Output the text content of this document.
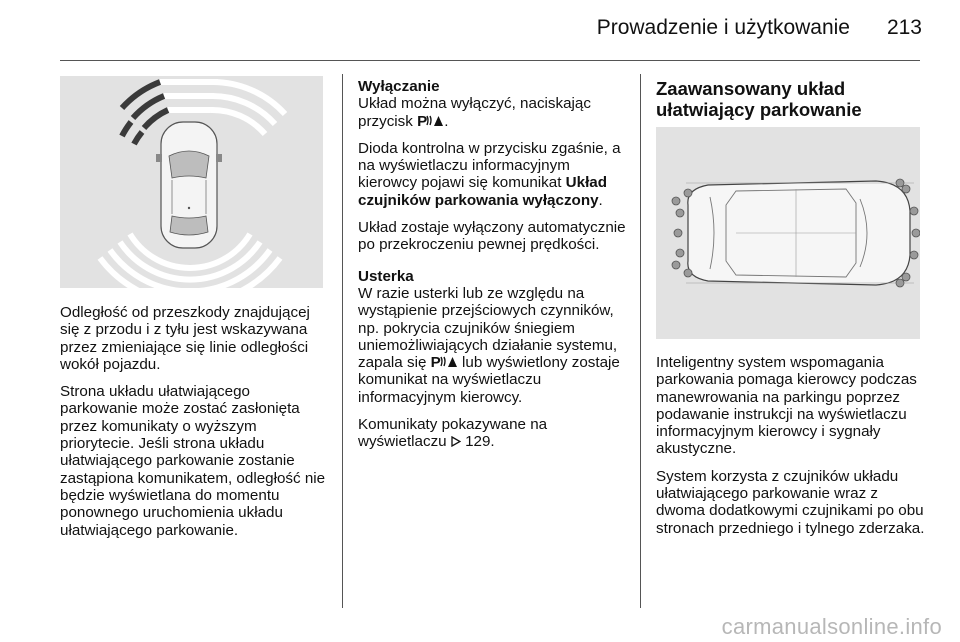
Prowadzenie i użytkowanie	213

Odległość od przeszkody znajdującej się z przodu i z tyłu jest wskazywana przez zmieniające się linie odległości wokół pojazdu.

Strona układu ułatwiającego parkowanie może zostać zasłonięta przez komunikaty o wyższym priorytecie. Jeśli strona układu ułatwiającego parkowanie zostanie zastąpiona komunikatem, odległość nie będzie wyświetlana do momentu ponownego uruchomienia układu ułatwiającego parkowanie.

Wyłączanie

Układ można wyłączyć, naciskając przycisk P .

Dioda kontrolna w przycisku zgaśnie, a na wyświetlaczu informacyjnym kierowcy pojawi się komunikat Układ czujników parkowania wyłączony.

Układ zostaje wyłączony automatycznie po przekroczeniu pewnej prędkości.

Usterka

W razie usterki lub ze względu na wystąpienie przejściowych czynników, np. pokrycia czujników śniegiem uniemożliwiających działanie systemu, zapala się P lub wyświetlony zostaje komunikat na wyświetlaczu informacyjnym kierowcy.

Komunikaty pokazywane na wyświetlaczu 129.

Zaawansowany układ ułatwiający parkowanie

Inteligentny system wspomagania parkowania pomaga kierowcy podczas manewrowania na parkingu poprzez podawanie instrukcji na wyświetlaczu informacyjnym kierowcy i sygnały akustyczne.

System korzysta z czujników układu ułatwiającego parkowanie wraz z dwoma dodatkowymi czujnikami po obu stronach przedniego i tylnego zderzaka.

carmanualsonline.info
